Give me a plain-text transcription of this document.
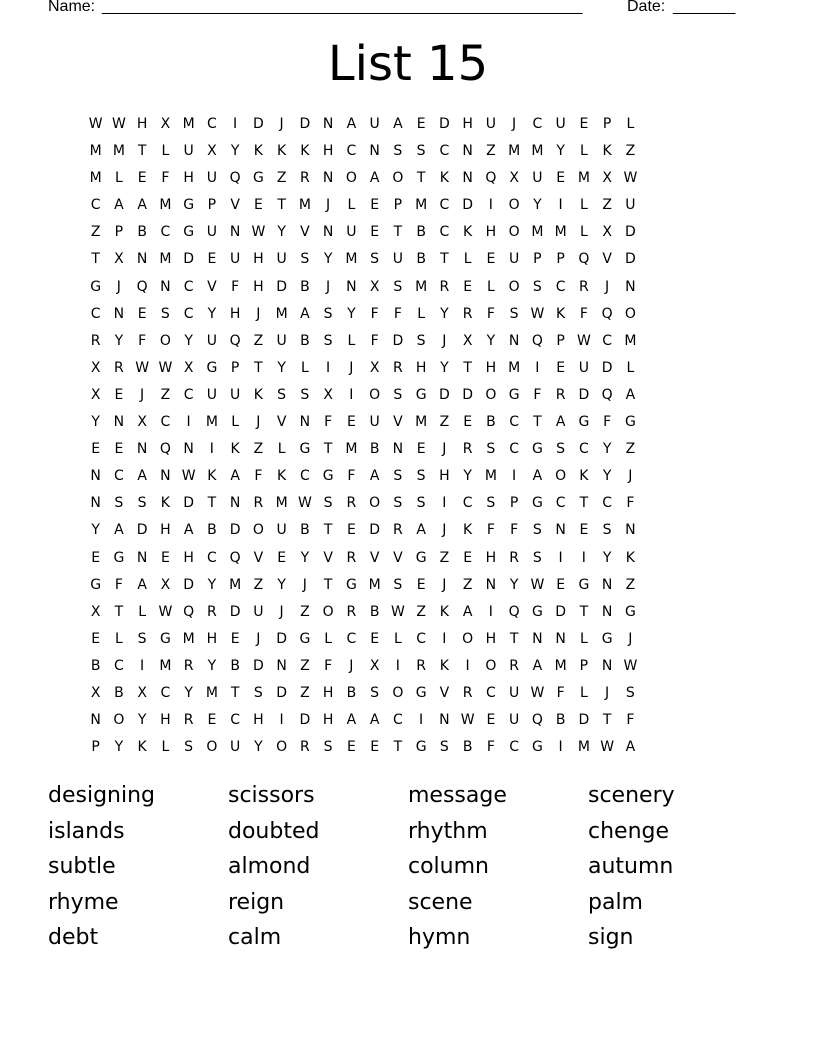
Name: ______________________________________________________	Date: _______
List 15
W W H X M C	I	D	J	D N A U A	E D H U	J	C U E	P	L
M M T	L	U X	Y	K	K	K H C N S	S C N Z M M Y	L	K Z
M L	E	F H U Q G Z R N O A O T	K N Q X U E M X W
C A A M G P	V	E	T M	J	L	E	P M C D	I	O Y	I	L	Z U
Z	P	B C G U N W Y	V N U E	T	B C K H O M M L	X D
T	X N M D E U H U S	Y M S U B	T	L	E U P	P Q V D
G	J	Q N C V	F H D B	J	N X	S M R E	L O S C R	J	N
C N E	S C	Y H	J	M A	S	Y	F	F	L	Y	R	F	S W K	F Q O
R	Y	F O Y U Q Z U B	S	L	F D S	J	X	Y N Q P W C M
X R W W X G P	T	Y	L	I	J	X R H Y	T H M	I	E U D L
X	E	J	Z C U U K	S	S	X	I	O S G D D O G F	R D Q A
Y N X C	I	M L	J	V N F	E U V M Z	E	B C	T	A G F G
E	E N Q N	I	K Z	L G T M B N E	J	R S C G S C	Y	Z
N C A N W K A	F	K C G F	A	S	S H Y M	I	A O K	Y	J
N S	S	K D T N R M W S R O S	S	I	C S	P G C	T	C	F
Y	A D H A B D O U B	T	E D R A	J	K	F	F	S N E	S N
E G N E H C Q V	E	Y	V R V V G Z	E H R S	I	I	Y	K
G F	A X D Y M Z	Y	J	T G M S	E	J	Z N Y W E G N Z
X	T	L W Q R D U	J	Z O R B W Z K A	I	Q G D T N G
E	L	S G M H E	J	D G L	C E	L	C	I	O H T N N	L G	J
B C	I	M R	Y	B D N Z	F	J	X	I	R K	I	O R A M P N W
X B X C	Y M T	S D Z H B	S O G V R C U W F	L	J	S
N O Y H R E C H	I	D H A A C	I	N W E U Q B D T	F
P	Y	K	L	S O U Y O R S	E	E	T G S	B	F	C G	I	M W A
designing	scissors	message	scenery
islands	doubted	rhythm	chenge
subtle	almond	column	autumn
rhyme	reign	scene	palm
debt	calm	hymn	sign
